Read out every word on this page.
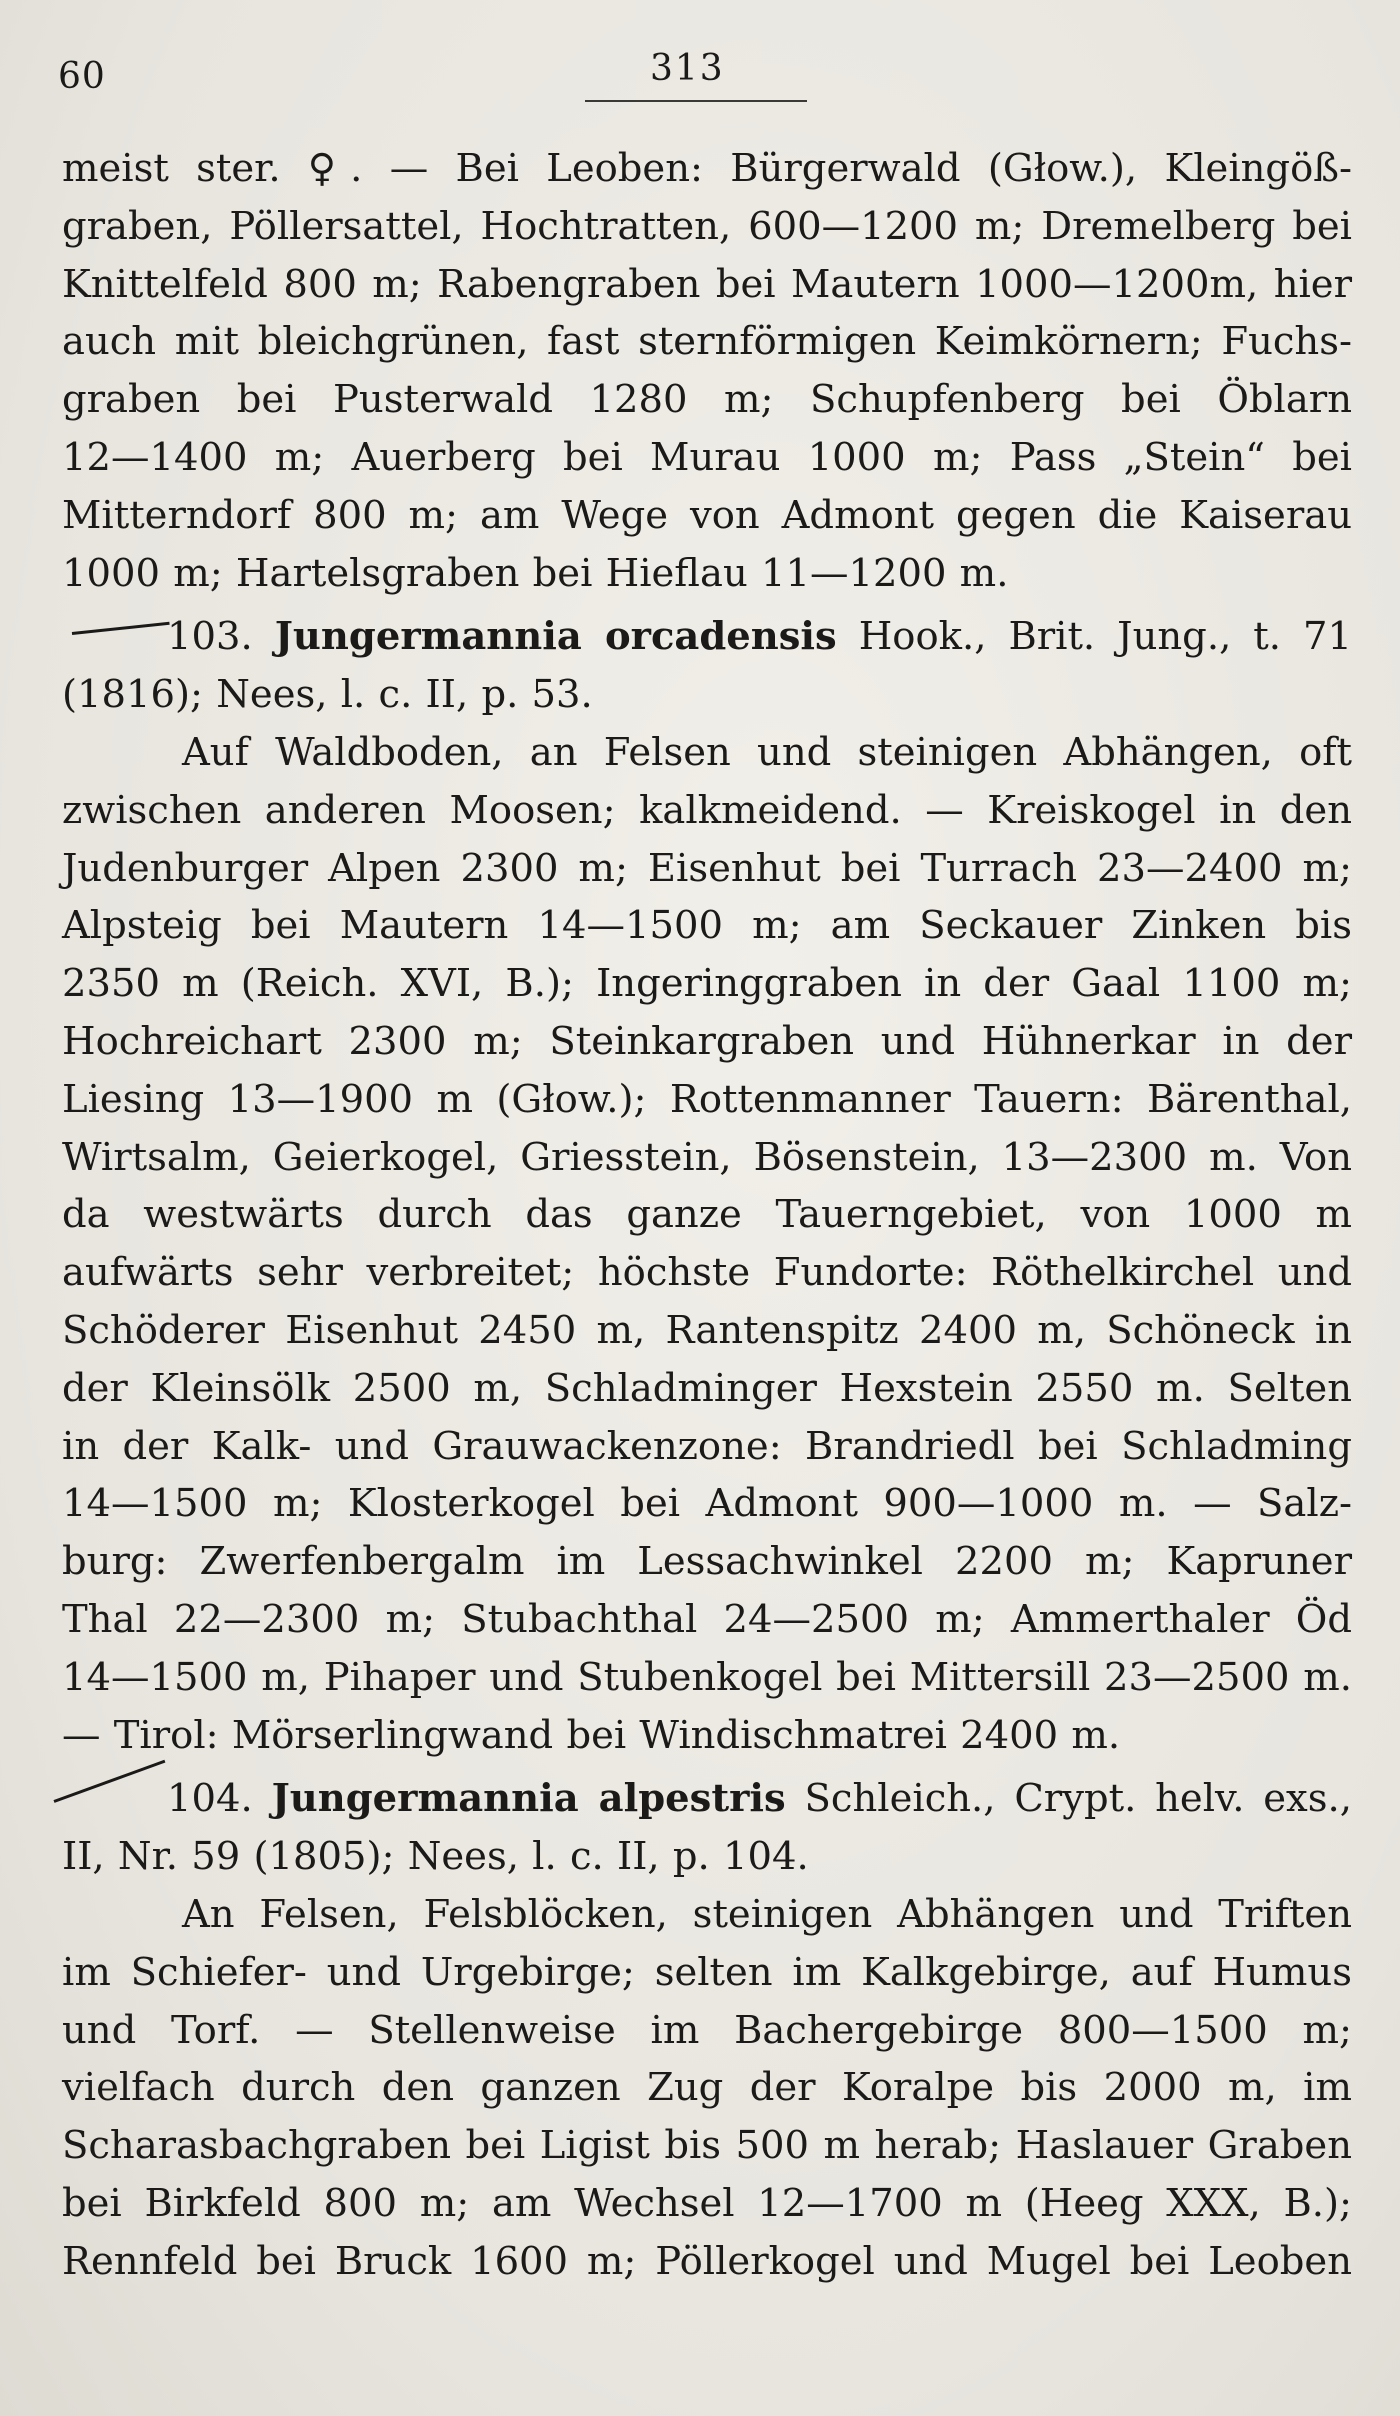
60	313
meist ster. ♀. — Bei Leoben: Bürgerwald (Głow.), Kleingöß-
graben, Pöllersattel, Hochtratten, 600—1200 m; Dremelberg bei
Knittelfeld 800 m; Rabengraben bei Mautern 1000—1200m, hier
auch mit bleichgrünen, fast sternförmigen Keimkörnern; Fuchs-
graben bei Pusterwald 1280 m; Schupfenberg bei Öblarn
12—1400 m; Auerberg bei Murau 1000 m; Pass „Stein“ bei
Mitterndorf 800 m; am Wege von Admont gegen die Kaiserau
1000 m; Hartelsgraben bei Hieflau 11—1200 m.
103. Jungermannia orcadensis Hook., Brit. Jung., t. 71
(1816); Nees, l. c. II, p. 53.
Auf Waldboden, an Felsen und steinigen Abhängen, oft
zwischen anderen Moosen; kalkmeidend. — Kreiskogel in den
Judenburger Alpen 2300 m; Eisenhut bei Turrach 23—2400 m;
Alpsteig bei Mautern 14—1500 m; am Seckauer Zinken bis
2350 m (Reich. XVI, B.); Ingeringgraben in der Gaal 1100 m;
Hochreichart 2300 m; Steinkargraben und Hühnerkar in der
Liesing 13—1900 m (Głow.); Rottenmanner Tauern: Bärenthal,
Wirtsalm, Geierkogel, Griesstein, Bösenstein, 13—2300 m. Von
da westwärts durch das ganze Tauerngebiet, von 1000 m
aufwärts sehr verbreitet; höchste Fundorte: Röthelkirchel und
Schöderer Eisenhut 2450 m, Rantenspitz 2400 m, Schöneck in
der Kleinsölk 2500 m, Schladminger Hexstein 2550 m. Selten
in der Kalk- und Grauwackenzone: Brandriedl bei Schladming
14—1500 m; Klosterkogel bei Admont 900—1000 m. — Salz-
burg: Zwerfenbergalm im Lessachwinkel 2200 m; Kapruner
Thal 22—2300 m; Stubachthal 24—2500 m; Ammerthaler Öd
14—1500 m, Pihaper und Stubenkogel bei Mittersill 23—2500 m.
— Tirol: Mörserlingwand bei Windischmatrei 2400 m.
104. Jungermannia alpestris Schleich., Crypt. helv. exs.,
II, Nr. 59 (1805); Nees, l. c. II, p. 104.
An Felsen, Felsblöcken, steinigen Abhängen und Triften
im Schiefer- und Urgebirge; selten im Kalkgebirge, auf Humus
und Torf. — Stellenweise im Bachergebirge 800—1500 m;
vielfach durch den ganzen Zug der Koralpe bis 2000 m, im
Scharasbachgraben bei Ligist bis 500 m herab; Haslauer Graben
bei Birkfeld 800 m; am Wechsel 12—1700 m (Heeg XXX, B.);
Rennfeld bei Bruck 1600 m; Pöllerkogel und Mugel bei Leoben
